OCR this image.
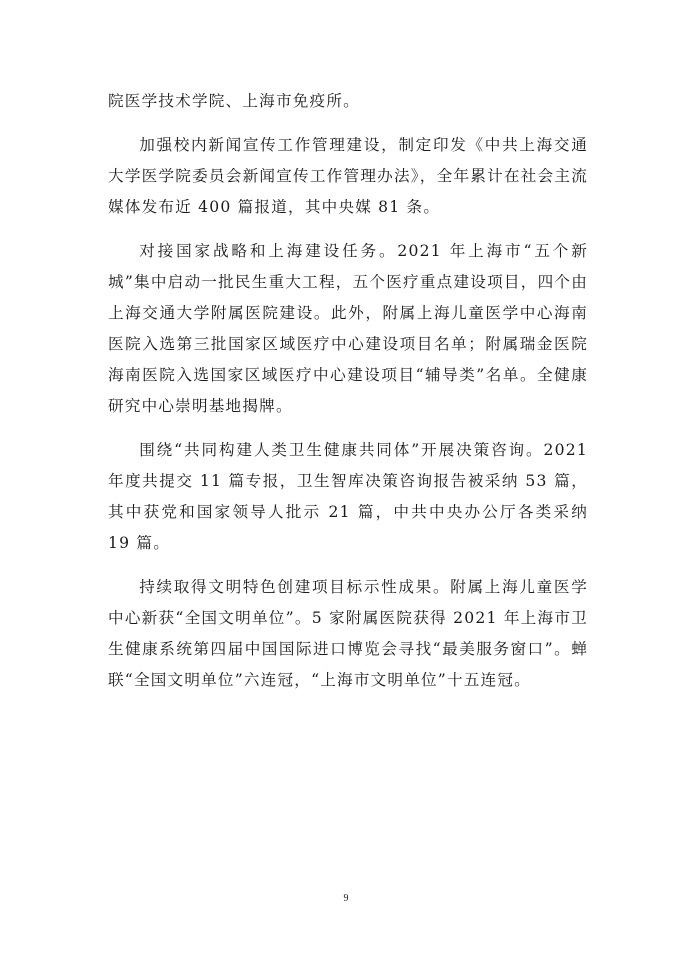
院医学技术学院、上海市免疫所。

加强校内新闻宣传工作管理建设，制定印发《中共上海交通大学医学院委员会新闻宣传工作管理办法》，全年累计在社会主流媒体发布近 400 篇报道，其中央媒 81 条。

对接国家战略和上海建设任务。2021 年上海市“五个新城”集中启动一批民生重大工程，五个医疗重点建设项目，四个由上海交通大学附属医院建设。此外，附属上海儿童医学中心海南医院入选第三批国家区域医疗中心建设项目名单；附属瑞金医院海南医院入选国家区域医疗中心建设项目“辅导类”名单。全健康研究中心崇明基地揭牌。

围绕“共同构建人类卫生健康共同体”开展决策咨询。2021 年度共提交 11 篇专报，卫生智库决策咨询报告被采纳 53 篇，其中获党和国家领导人批示 21 篇，中共中央办公厅各类采纳 19 篇。

持续取得文明特色创建项目标示性成果。附属上海儿童医学中心新获“全国文明单位”。5 家附属医院获得 2021 年上海市卫生健康系统第四届中国国际进口博览会寻找“最美服务窗口”。蝉联“全国文明单位”六连冠，“上海市文明单位”十五连冠。

9
